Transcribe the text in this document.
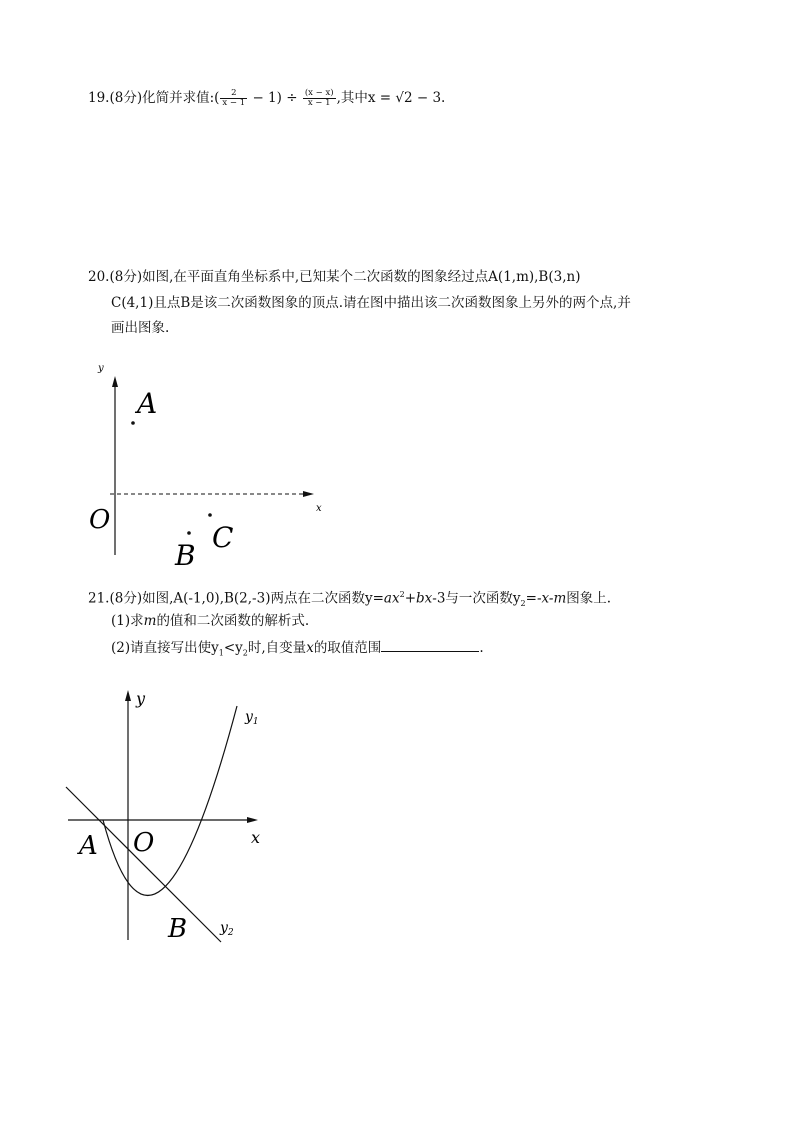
19.(8分)化简并求值:( $\frac{2}{x - 1} - 1) \div \frac{(x - x)}{x - 1}$ ,其中x = √2 − 3.
20.(8分)如图,在平面直角坐标系中,已知某个二次函数的图象经过点A(1,m),B(3,n)
C(4,1)且点B是该二次函数图象的顶点.请在图中描出该二次函数图象上另外的两个点,并
画出图象.
y
x
O
A
B
C
21.(8分)如图,A(-1,0),B(2,-3)两点在二次函数$y=ax^2+bx-3$与一次函数$y_2=-x-m$图象上.
(1)求m的值和二次函数的解析式.
(2)请直接写出使$y_1<y_2$时,自变量x的取值范围	.
y
x
O
A
B
$y_1$
$y_2$
